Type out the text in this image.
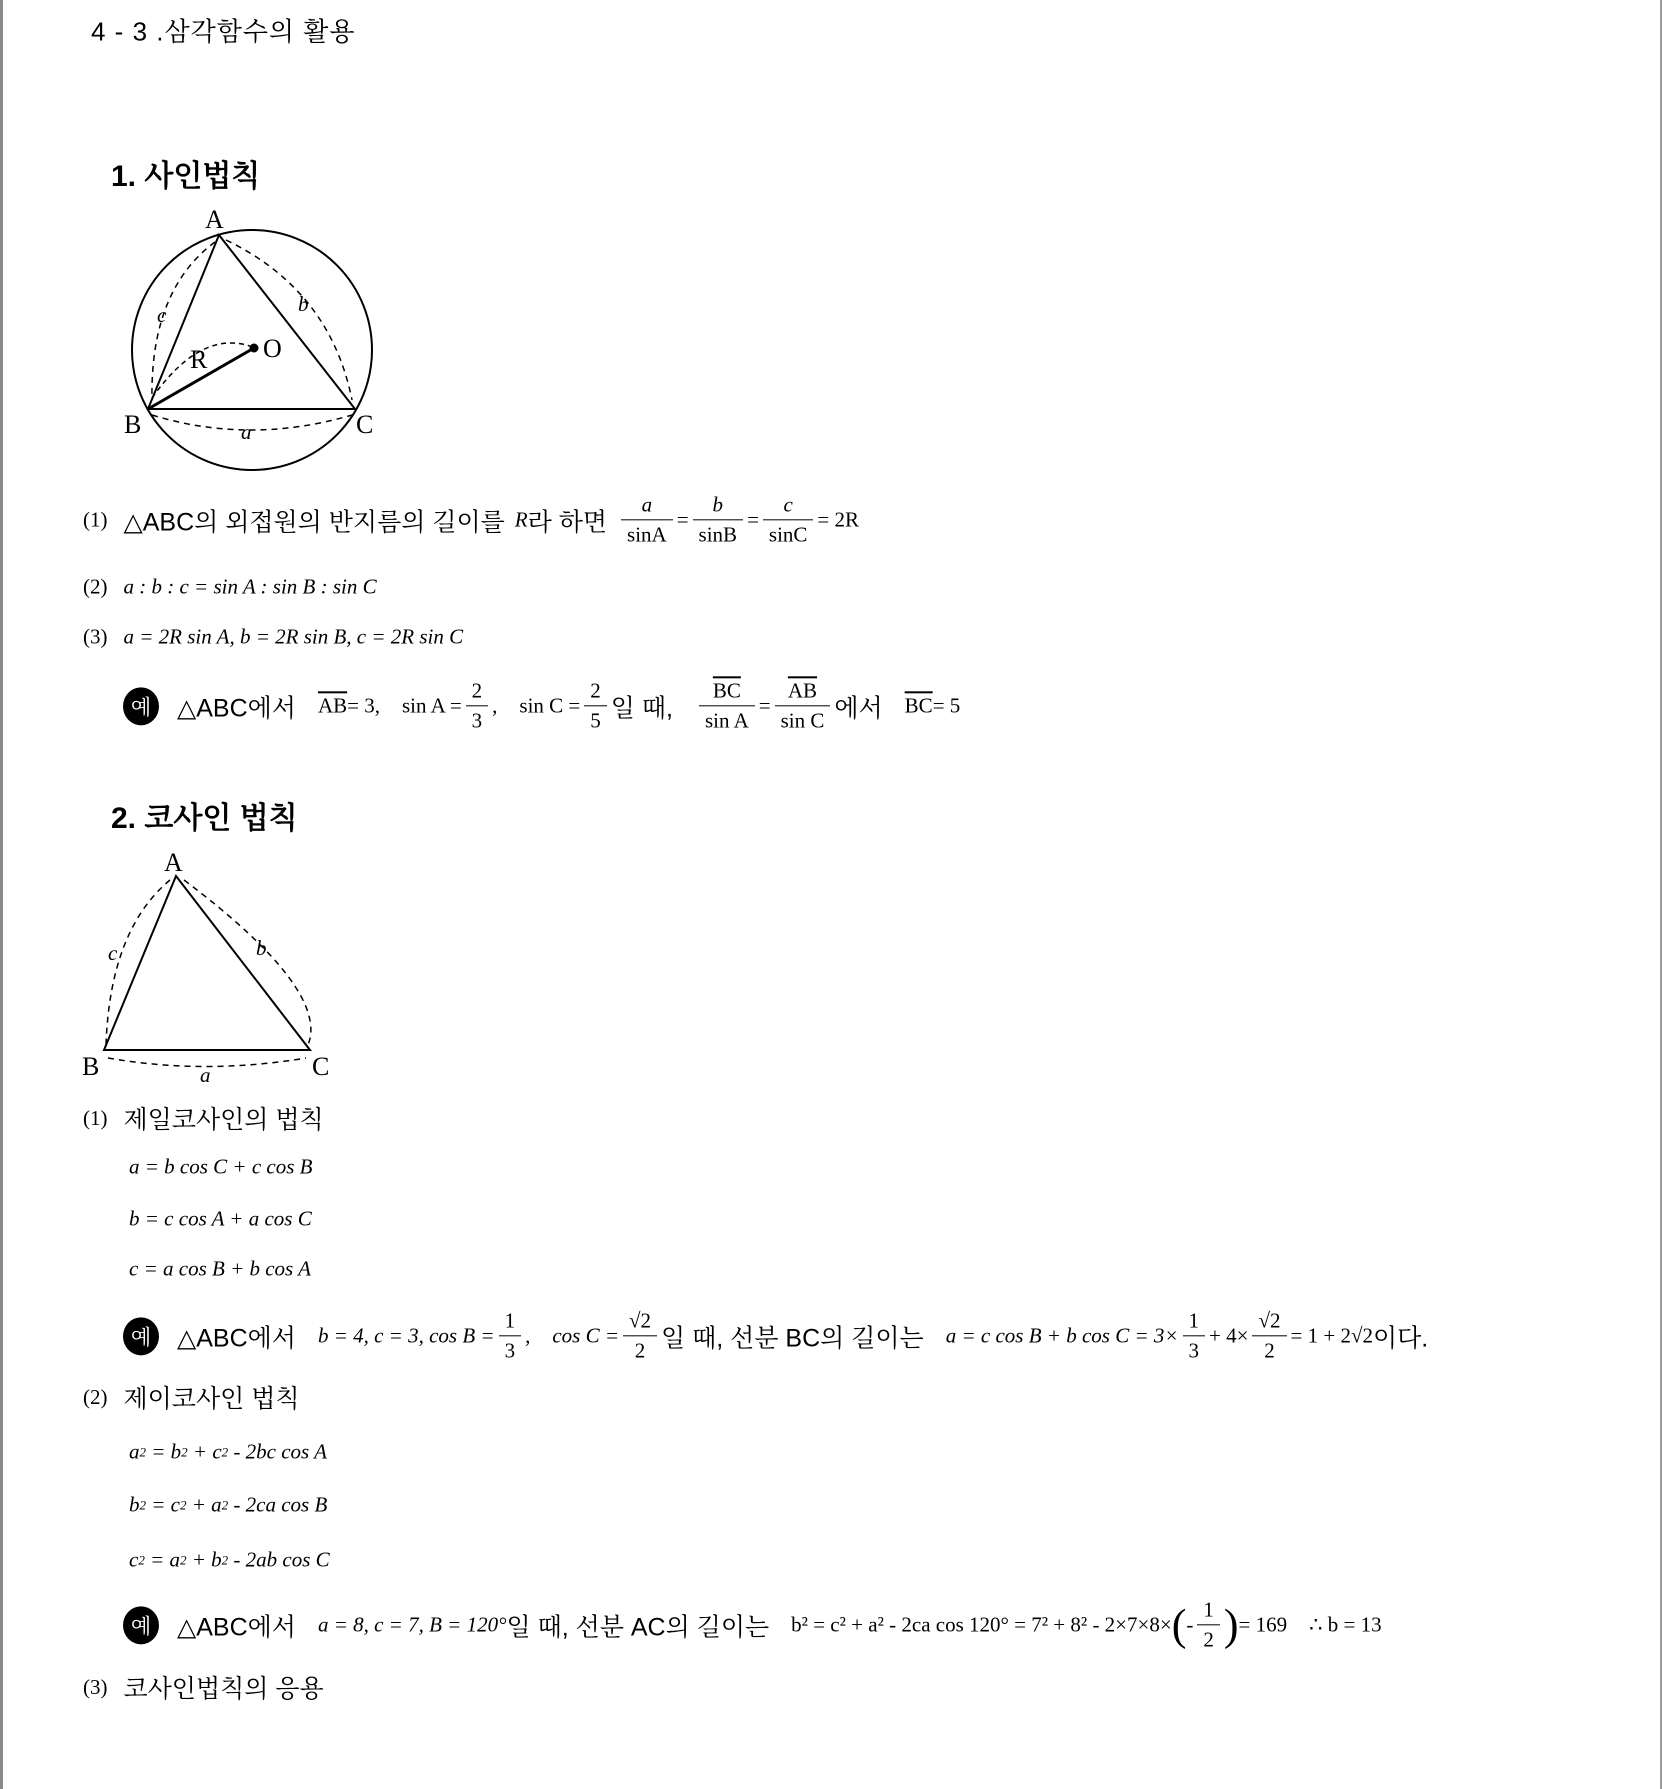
4 - 3 .삼각함수의 활용
1. 사인법칙
A
B	C
O
R
a
b
c
A
B	C
a
b
c
(1) △ABC의 외접원의 반지름의 길이를 R 라 하면 $\frac{a}{\sin A} = \frac{b}{\sin B} = \frac{c}{\sin C} = 2R$
(2) a : b : c = sin A : sin B : sin C
(3) a = 2R sin A, b = 2R sin B, c = 2R sin C
예	△ABC에서 $\overline{AB} = 3$, $\sin A = \frac{2}{3}$ , $\sin C = \frac{2}{5}$ 일 때, $\frac{\overline{BC}}{\text{sin A}} = \frac{\overline{AB}}{\text{sin C}}$ 에서 $\overline{BC} = 5$
2. 코사인 법칙
(1) 제일코사인의 법칙
a = b cos C + c cos B
b = c cos A + a cos C
c = a cos B + b cos A
예	△ABC에서 b = 4, c = 3, $\cos B = \frac{1}{3}$ , $\cos C = \frac{√2}{2}$ 일 때, 선분 BC의 길이는 a = c cos B + b $\cos C = 3\times \frac{1}{3} + 4\times \frac{√2}{2} = 1 + 2√2$ 이다.
(2) 제이코사인 법칙
a 2 = b 2 + c 2
- 2bc cos A
b 2 = c 2 + a 2
- 2ca cos B
c 2 = a 2 + b 2
- 2ab cos C
예	△ABC에서 a = 8, c = 7, B = 120° 일 때, 선분 AC의 길이는 b² = c² + a² - 2ca cos 120° = 7² + 8² - 2×7×8× ( - $\frac{1}{2}$ ) = 169 ∴ b = 13
(3) 코사인법칙의 응용
